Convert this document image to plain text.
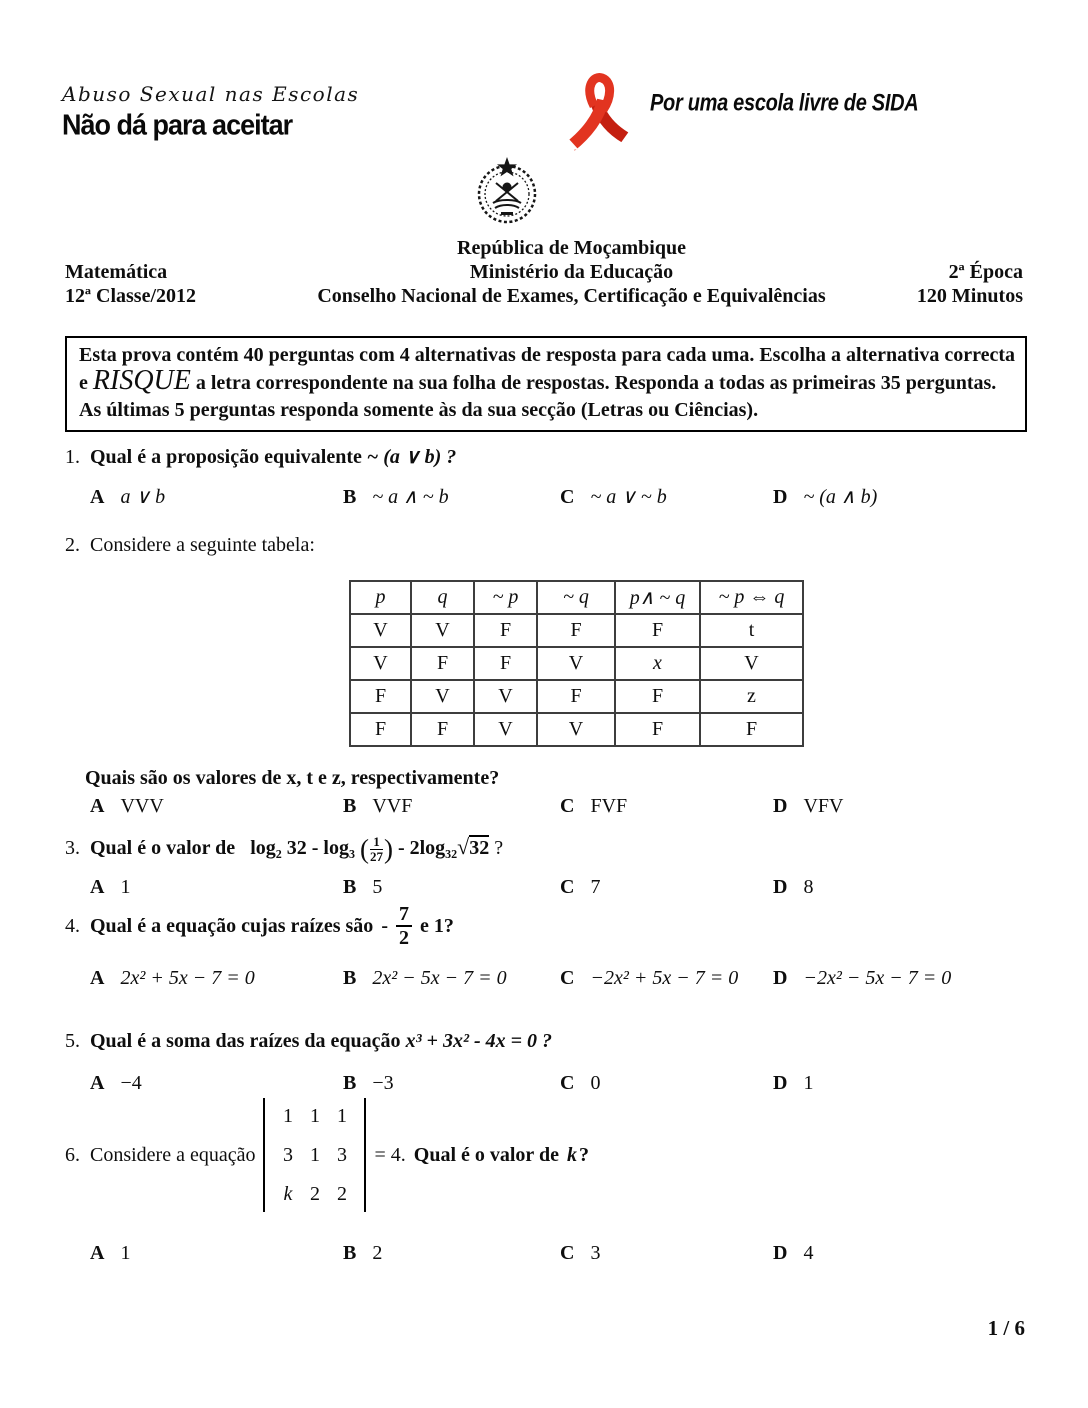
Abuso Sexual nas Escolas
Não dá para aceitar
Por uma escola livre de SIDA
República de Moçambique
Matemática	Ministério da Educação	2ª Época
12ª Classe/2012	Conselho Nacional de Exames, Certificação e Equivalências	120 Minutos
Esta prova contém 40 perguntas com 4 alternativas de resposta para cada uma. Escolha a alternativa correcta e RISQUE a letra correspondente na sua folha de respostas. Responda a todas as primeiras 35 perguntas. As últimas 5 perguntas responda somente às da sua secção (Letras ou Ciências).
1. Qual é a proposição equivalente ~ (a ∨ b) ?
A a ∨ b	B ~ a ∧ ~ b	C ~ a ∨ ~ b	D ~ (a ∧ b)
2. Considere a seguinte tabela:
p	q	~ p	~ q	p∧ ~ q	~ p ⇔ q
V	V	F	F	F	t
V	F	F	V	x	V
F	V	V	F	F	z
F	F	V	V	F	F
Quais são os valores de x, t e z, respectivamente?
A VVV	B VVF	C FVF	D VFV
3. Qual é o valor de log₂ 32 - log₃ ( $\frac{1}{27}$ ) - 2log₃₂√32 ?
A 1	B 5	C 7	D 8
4. Qual é a equação cujas raízes são - $\frac{7}{2}$ e 1?
A 2x² + 5x − 7 = 0	B 2x² − 5x − 7 = 0	C −2x² + 5x − 7 = 0	D −2x² − 5x − 7 = 0
5. Qual é a soma das raízes da equação x³ + 3x² - 4x = 0 ?
A −4	B −3	C 0	D 1
6. Considere a equação
1 1 1
3 1 3
k 2 2
= 4. Qual é o valor de k ?
A 1	B 2	C 3	D 4
1 / 6
